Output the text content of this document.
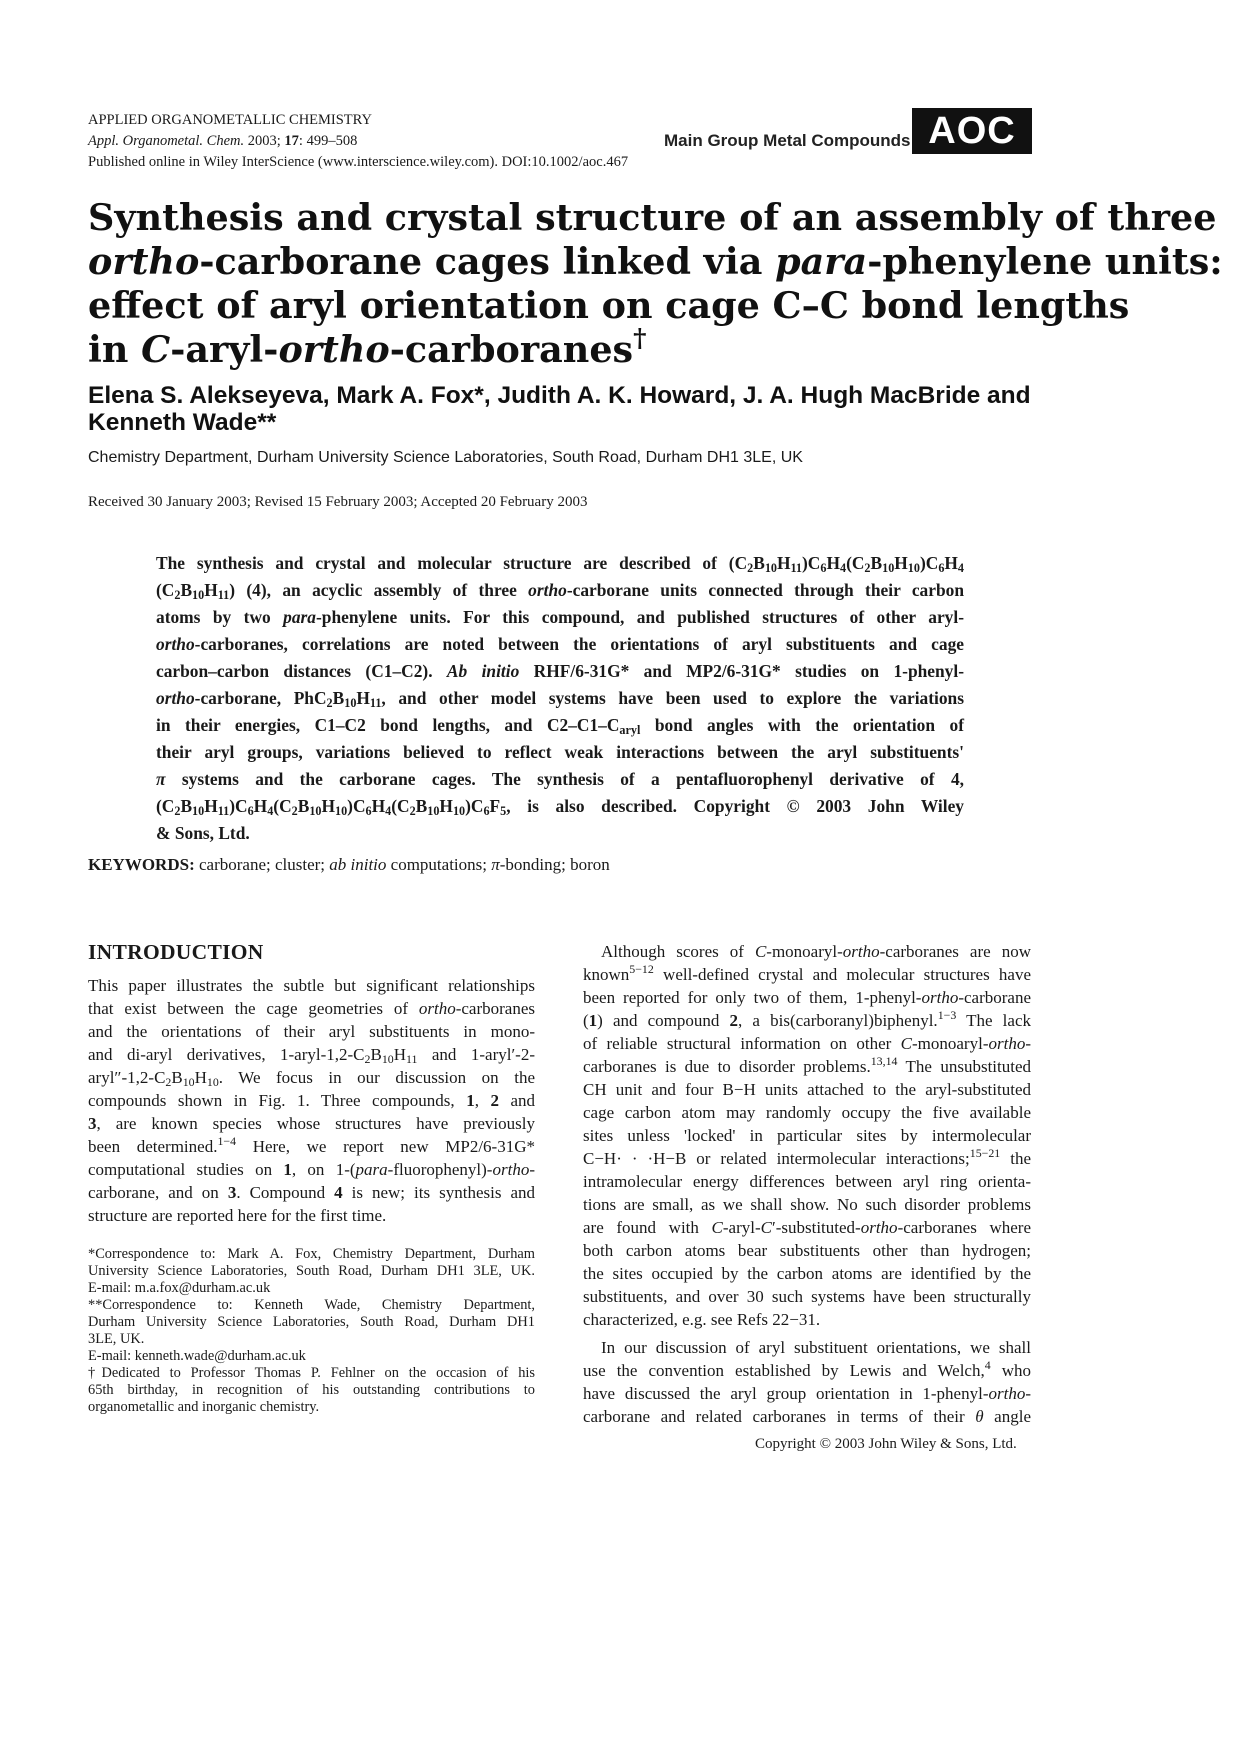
APPLIED ORGANOMETALLIC CHEMISTRY
Appl. Organometal. Chem. 2003; 17: 499–508
Published online in Wiley InterScience (www.interscience.wiley.com). DOI:10.1002/aoc.467
Main Group Metal Compounds AOC
Synthesis and crystal structure of an assembly of three
ortho-carborane cages linked via para-phenylene units:
effect of aryl orientation on cage C–C bond lengths
in C-aryl-ortho-carboranes†
Elena S. Alekseyeva, Mark A. Fox*, Judith A. K. Howard, J. A. Hugh MacBride and Kenneth Wade**
Chemistry Department, Durham University Science Laboratories, South Road, Durham DH1 3LE, UK
Received 30 January 2003; Revised 15 February 2003; Accepted 20 February 2003
The synthesis and crystal and molecular structure are described of $(C_2B_{10}H_{11})C_6H_4(C_2B_{10}H_{10})C_6H_4$
$(C_2B_{10}H_{11})$ (4), an acyclic assembly of three ortho-carborane units connected through their carbon
atoms by two para-phenylene units. For this compound, and published structures of other aryl-
ortho-carboranes, correlations are noted between the orientations of aryl substituents and cage
carbon–carbon distances (C1–C2). Ab initio RHF/6-31G* and MP2/6-31G* studies on 1-phenyl-
ortho-carborane, $PhC_2B_{10}H_{11}$, and other model systems have been used to explore the variations
in their energies, C1–C2 bond lengths, and $C2-C1-C_{aryl}$ bond angles with the orientation of
their aryl groups, variations believed to reflect weak interactions between the aryl substituents'
π systems and the carborane cages. The synthesis of a pentafluorophenyl derivative of 4,
$(C_2B_{10}H_{11})C_6H_4(C_2B_{10}H_{10})C_6H_4(C_2B_{10}H_{10})C_6F_5$, is also described. Copyright © 2003 John Wiley
& Sons, Ltd.
KEYWORDS: carborane; cluster; ab initio computations; π-bonding; boron
INTRODUCTION
This paper illustrates the subtle but significant relationships
that exist between the cage geometries of ortho-carboranes
and the orientations of their aryl substituents in mono-
and di-aryl derivatives, $1-aryl-1,2-C_2B_{10}H_{11}$ and 1-aryl′-2-
$aryl''-1,2-C_2B_{10}H_{10}$. We focus in our discussion on the
compounds shown in Fig. 1. Three compounds, 1, 2 and
3, are known species whose structures have previously
been determined.$^{1-4}$ Here, we report new MP2/6-31G*
computational studies on 1, on 1-(para-fluorophenyl)-ortho-
carborane, and on 3. Compound 4 is new; its synthesis and
structure are reported here for the first time.
Although scores of C-monoaryl-ortho-carboranes are now
known$^{5-12}$ well-defined crystal and molecular structures have
been reported for only two of them, 1-phenyl-ortho-carborane
(1) and compound 2, a bis(carboranyl)biphenyl.$^{1-3}$ The lack
of reliable structural information on other C-monoaryl-ortho-
carboranes is due to disorder problems.$^{13,14}$ The unsubstituted
CH unit and four B−H units attached to the aryl-substituted
cage carbon atom may randomly occupy the five available
sites unless 'locked' in particular sites by intermolecular
C−H· · ·H−B or related intermolecular interactions;$^{15-21}$ the
intramolecular energy differences between aryl ring orienta-
tions are small, as we shall show. No such disorder problems
are found with C-aryl-C′-substituted-ortho-carboranes where
both carbon atoms bear substituents other than hydrogen;
the sites occupied by the carbon atoms are identified by the
substituents, and over 30 such systems have been structurally
characterized, e.g. see Refs 22−31.
In our discussion of aryl substituent orientations, we shall
use the convention established by Lewis and Welch,$^4$ who
have discussed the aryl group orientation in 1-phenyl-ortho-
carborane and related carboranes in terms of their θ angle
*Correspondence to: Mark A. Fox, Chemistry Department, Durham
University Science Laboratories, South Road, Durham DH1 3LE, UK.
E-mail: m.a.fox@durham.ac.uk
**Correspondence to: Kenneth Wade, Chemistry Department,
Durham University Science Laboratories, South Road, Durham DH1
3LE, UK.
E-mail: kenneth.wade@durham.ac.uk
†Dedicated to Professor Thomas P. Fehlner on the occasion of his
65th birthday, in recognition of his outstanding contributions to
organometallic and inorganic chemistry.
Copyright © 2003 John Wiley & Sons, Ltd.
